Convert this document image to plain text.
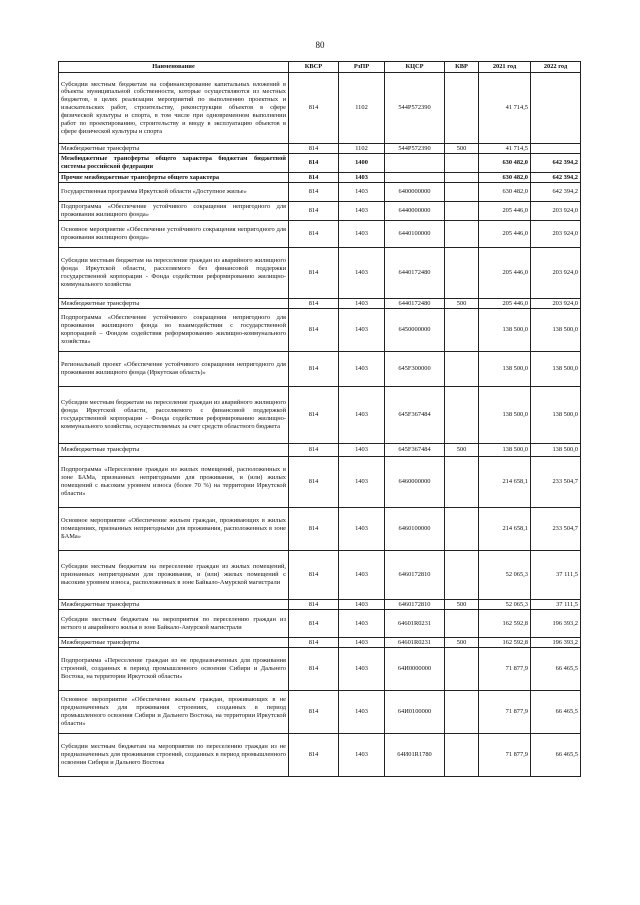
80
Наименование	КВСР	РзПР	КЦСР	КВР	2021 год	2022 год
Субсидии местным бюджетам на софинансирование капитальных вложений в объекты муниципальной собственности, которые осуществляются из местных бюджетов, в целях реализации мероприятий по выполнению проектных и изыскательских работ, строительству, реконструкции объектов в сфере физической культуры и спорта, в том числе при одновременном выполнении работ по проектированию, строительству и вводу в эксплуатацию объектов в сфере физической культуры и спорта	814	1102	544P572390		41 714,5	
Межбюджетные трансферты	814	1102	544P572390	500	41 714,5	
Межбюджетные трансферты общего характера бюджетам бюджетной системы российской федерации	814	1400			630 482,0	642 394,2
Прочие межбюджетные трансферты общего характера	814	1403			630 482,0	642 394,2
Государственная программа Иркутской области «Доступное жилье»	814	1403	6400000000		630 482,0	642 394,2
Подпрограмма «Обеспечение устойчивого сокращения непригодного для проживания жилищного фонда»	814	1403	6440000000		205 446,0	203 924,0
Основное мероприятие «Обеспечение устойчивого сокращения непригодного для проживания жилищного фонда»	814	1403	6440100000		205 446,0	203 924,0
Субсидии местным бюджетам на переселение граждан из аварийного жилищного фонда Иркутской области, расселяемого без финансовой поддержки государственной корпорации - Фонда содействия реформированию жилищно-коммунального хозяйства	814	1403	6440172480		205 446,0	203 924,0
Межбюджетные трансферты	814	1403	6440172480	500	205 446,0	203 924,0
Подпрограмма «Обеспечение устойчивого сокращения непригодного для проживания жилищного фонда во взаимодействии с государственной корпорацией – Фондом содействия реформированию жилищно-коммунального хозяйства»	814	1403	6450000000		138 500,0	138 500,0
Региональный проект «Обеспечение устойчивого сокращения непригодного для проживания жилищного фонда (Иркутская область)»	814	1403	645F300000		138 500,0	138 500,0
Субсидии местным бюджетам на переселение граждан из аварийного жилищного фонда Иркутской области, расселяемого с финансовой поддержкой государственной корпорации - Фонда содействия реформированию жилищно-коммунального хозяйства, осуществляемых за счет средств областного бюджета	814	1403	645F367484		138 500,0	138 500,0
Межбюджетные трансферты	814	1403	645F367484	500	138 500,0	138 500,0
Подпрограмма «Переселение граждан из жилых помещений, расположенных в зоне БАМа, признанных непригодными для проживания, и (или) жилых помещений с высоким уровнем износа (более 70 %) на территории Иркутской области»	814	1403	6460000000		214 658,1	233 504,7
Основное мероприятие «Обеспечение жильем граждан, проживающих в жилых помещениях, признанных непригодными для проживания, расположенных в зоне БАМа»	814	1403	6460100000		214 658,1	233 504,7
Субсидии местным бюджетам на переселение граждан из жилых помещений, признанных непригодными для проживания, и (или) жилых помещений с высоким уровнем износа, расположенных в зоне Байкало-Амурской магистрали	814	1403	6460172810		52 065,3	37 111,5
Межбюджетные трансферты	814	1403	6460172810	500	52 065,3	37 111,5
Субсидии местным бюджетам на мероприятия по переселению граждан из ветхого и аварийного жилья в зоне Байкало-Амурской магистрали	814	1403	64601R0231		162 592,8	196 393,2
Межбюджетные трансферты	814	1403	64601R0231	500	162 592,8	196 393,2
Подпрограмма «Переселение граждан из не предназначенных для проживания строений, созданных в период промышленного освоения Сибири и Дальнего Востока, на территории Иркутской области»	814	1403	64И0000000		71 877,9	66 465,5
Основное мероприятие «Обеспечение жильем граждан, проживающих в не предназначенных для проживания строениях, созданных в период промышленного освоения Сибири и Дальнего Востока, на территории Иркутской области»	814	1403	64И0100000		71 877,9	66 465,5
Субсидии местным бюджетам на мероприятия по переселению граждан из не предназначенных для проживания строений, созданных в период промышленного освоения Сибири и Дальнего Востока	814	1403	64И01R1780		71 877,9	66 465,5
